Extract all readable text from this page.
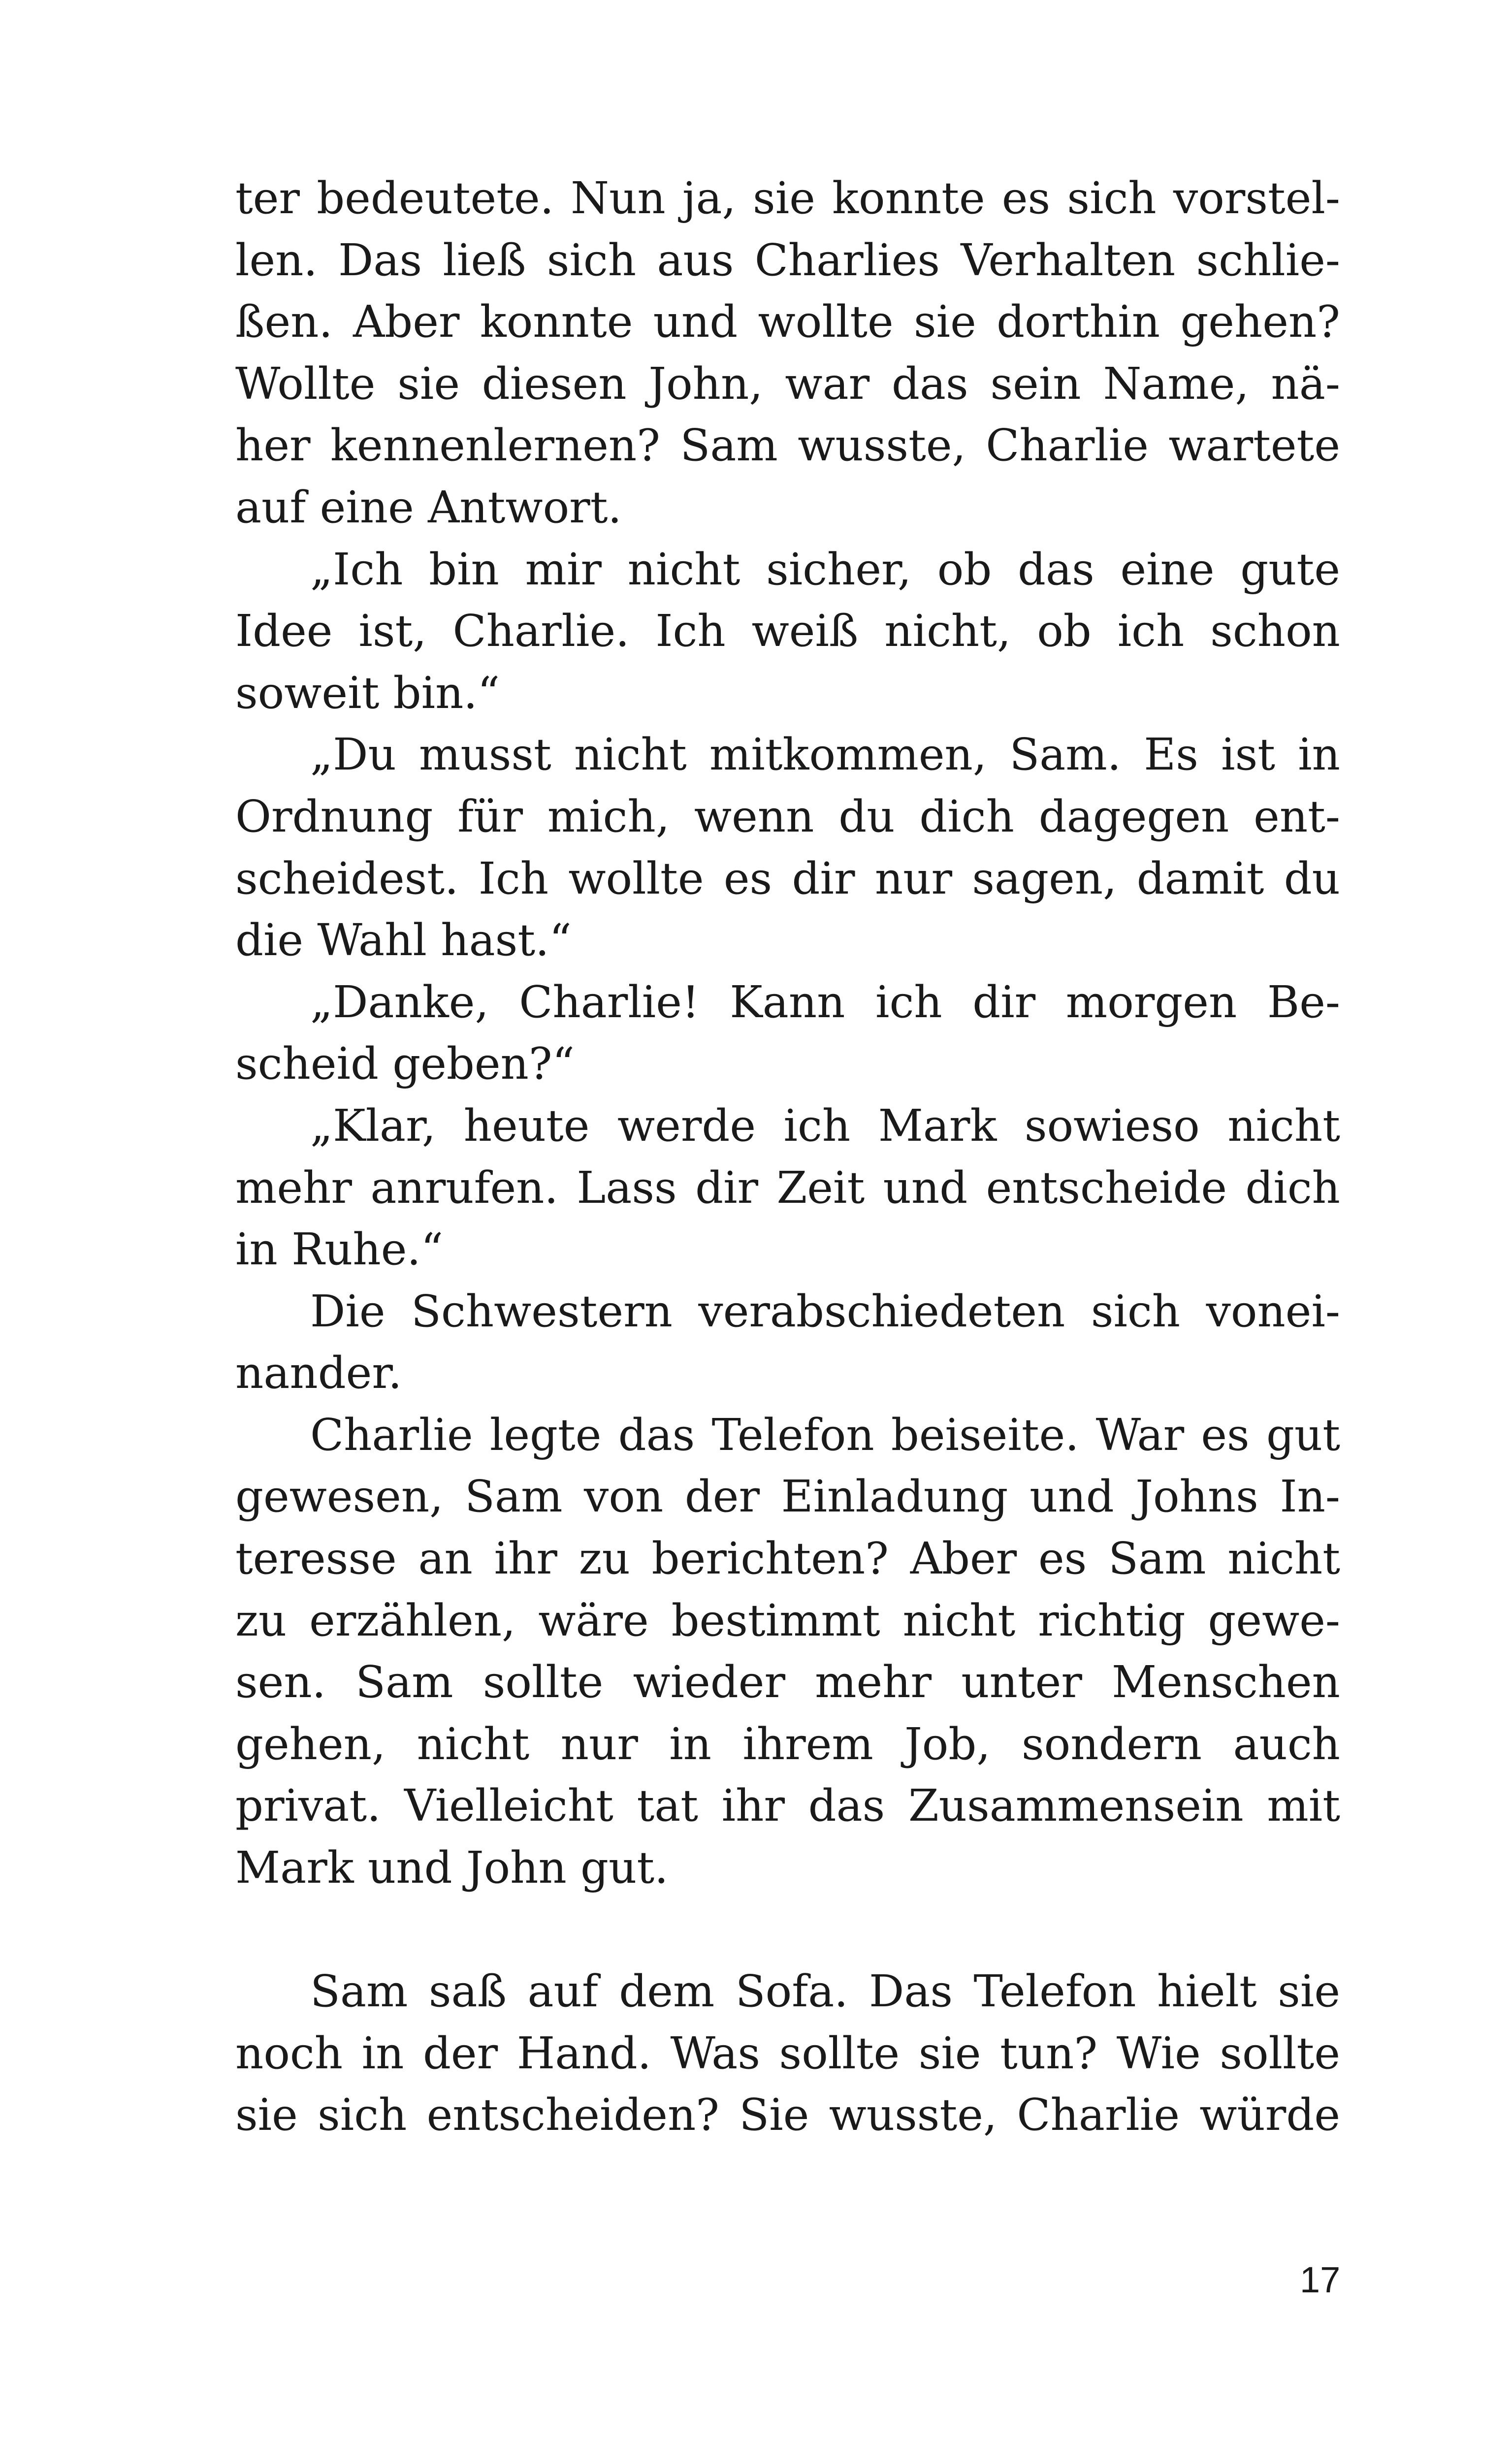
ter bedeutete. Nun ja, sie konnte es sich vorstel-
len. Das ließ sich aus Charlies Verhalten schlie-
ßen. Aber konnte und wollte sie dorthin gehen?
Wollte sie diesen John, war das sein Name, nä-
her kennenlernen? Sam wusste, Charlie wartete
auf eine Antwort.
„Ich bin mir nicht sicher, ob das eine gute
Idee ist, Charlie. Ich weiß nicht, ob ich schon
soweit bin.“
„Du musst nicht mitkommen, Sam. Es ist in
Ordnung für mich, wenn du dich dagegen ent-
scheidest. Ich wollte es dir nur sagen, damit du
die Wahl hast.“
„Danke, Charlie! Kann ich dir morgen Be-
scheid geben?“
„Klar, heute werde ich Mark sowieso nicht
mehr anrufen. Lass dir Zeit und entscheide dich
in Ruhe.“
Die Schwestern verabschiedeten sich vonei-
nander.
Charlie legte das Telefon beiseite. War es gut
gewesen, Sam von der Einladung und Johns In-
teresse an ihr zu berichten? Aber es Sam nicht
zu erzählen, wäre bestimmt nicht richtig gewe-
sen. Sam sollte wieder mehr unter Menschen
gehen, nicht nur in ihrem Job, sondern auch
privat. Vielleicht tat ihr das Zusammensein mit
Mark und John gut.
Sam saß auf dem Sofa. Das Telefon hielt sie
noch in der Hand. Was sollte sie tun? Wie sollte
sie sich entscheiden? Sie wusste, Charlie würde
17
